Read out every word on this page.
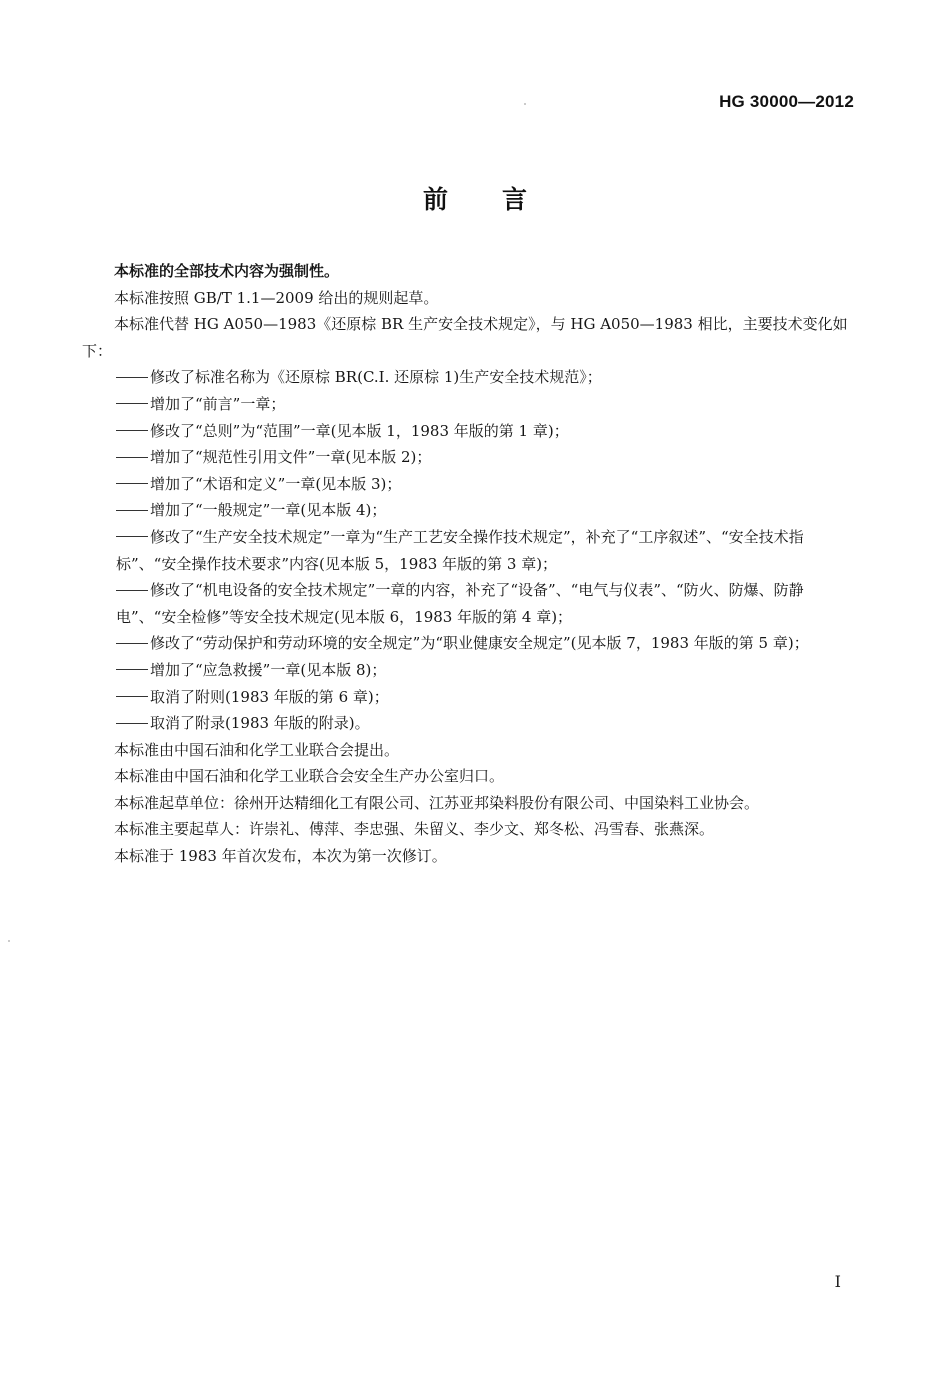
HG 30000—2012
前言

本标准的全部技术内容为强制性。

本标准按照 GB/T 1.1—2009 给出的规则起草。

本标准代替 HG A050—1983《还原棕 BR 生产安全技术规定》，与 HG A050—1983 相比，主要技术变化如下：

修改了标准名称为《还原棕 BR(C.I. 还原棕 1)生产安全技术规范》；

增加了“前言”一章；

修改了“总则”为“范围”一章(见本版 1，1983 年版的第 1 章)；

增加了“规范性引用文件”一章(见本版 2)；

增加了“术语和定义”一章(见本版 3)；

增加了“一般规定”一章(见本版 4)；

修改了“生产安全技术规定”一章为“生产工艺安全操作技术规定”，补充了“工序叙述”、“安全技术指标”、“安全操作技术要求”内容(见本版 5，1983 年版的第 3 章)；

修改了“机电设备的安全技术规定”一章的内容，补充了“设备”、“电气与仪表”、“防火、防爆、防静电”、“安全检修”等安全技术规定(见本版 6，1983 年版的第 4 章)；

修改了“劳动保护和劳动环境的安全规定”为“职业健康安全规定”(见本版 7，1983 年版的第 5 章)；

增加了“应急救援”一章(见本版 8)；

取消了附则(1983 年版的第 6 章)；

取消了附录(1983 年版的附录)。

本标准由中国石油和化学工业联合会提出。

本标准由中国石油和化学工业联合会安全生产办公室归口。

本标准起草单位：徐州开达精细化工有限公司、江苏亚邦染料股份有限公司、中国染料工业协会。

本标准主要起草人：许崇礼、傅萍、李忠强、朱留义、李少文、郑冬松、冯雪春、张燕深。

本标准于 1983 年首次发布，本次为第一次修订。

I
